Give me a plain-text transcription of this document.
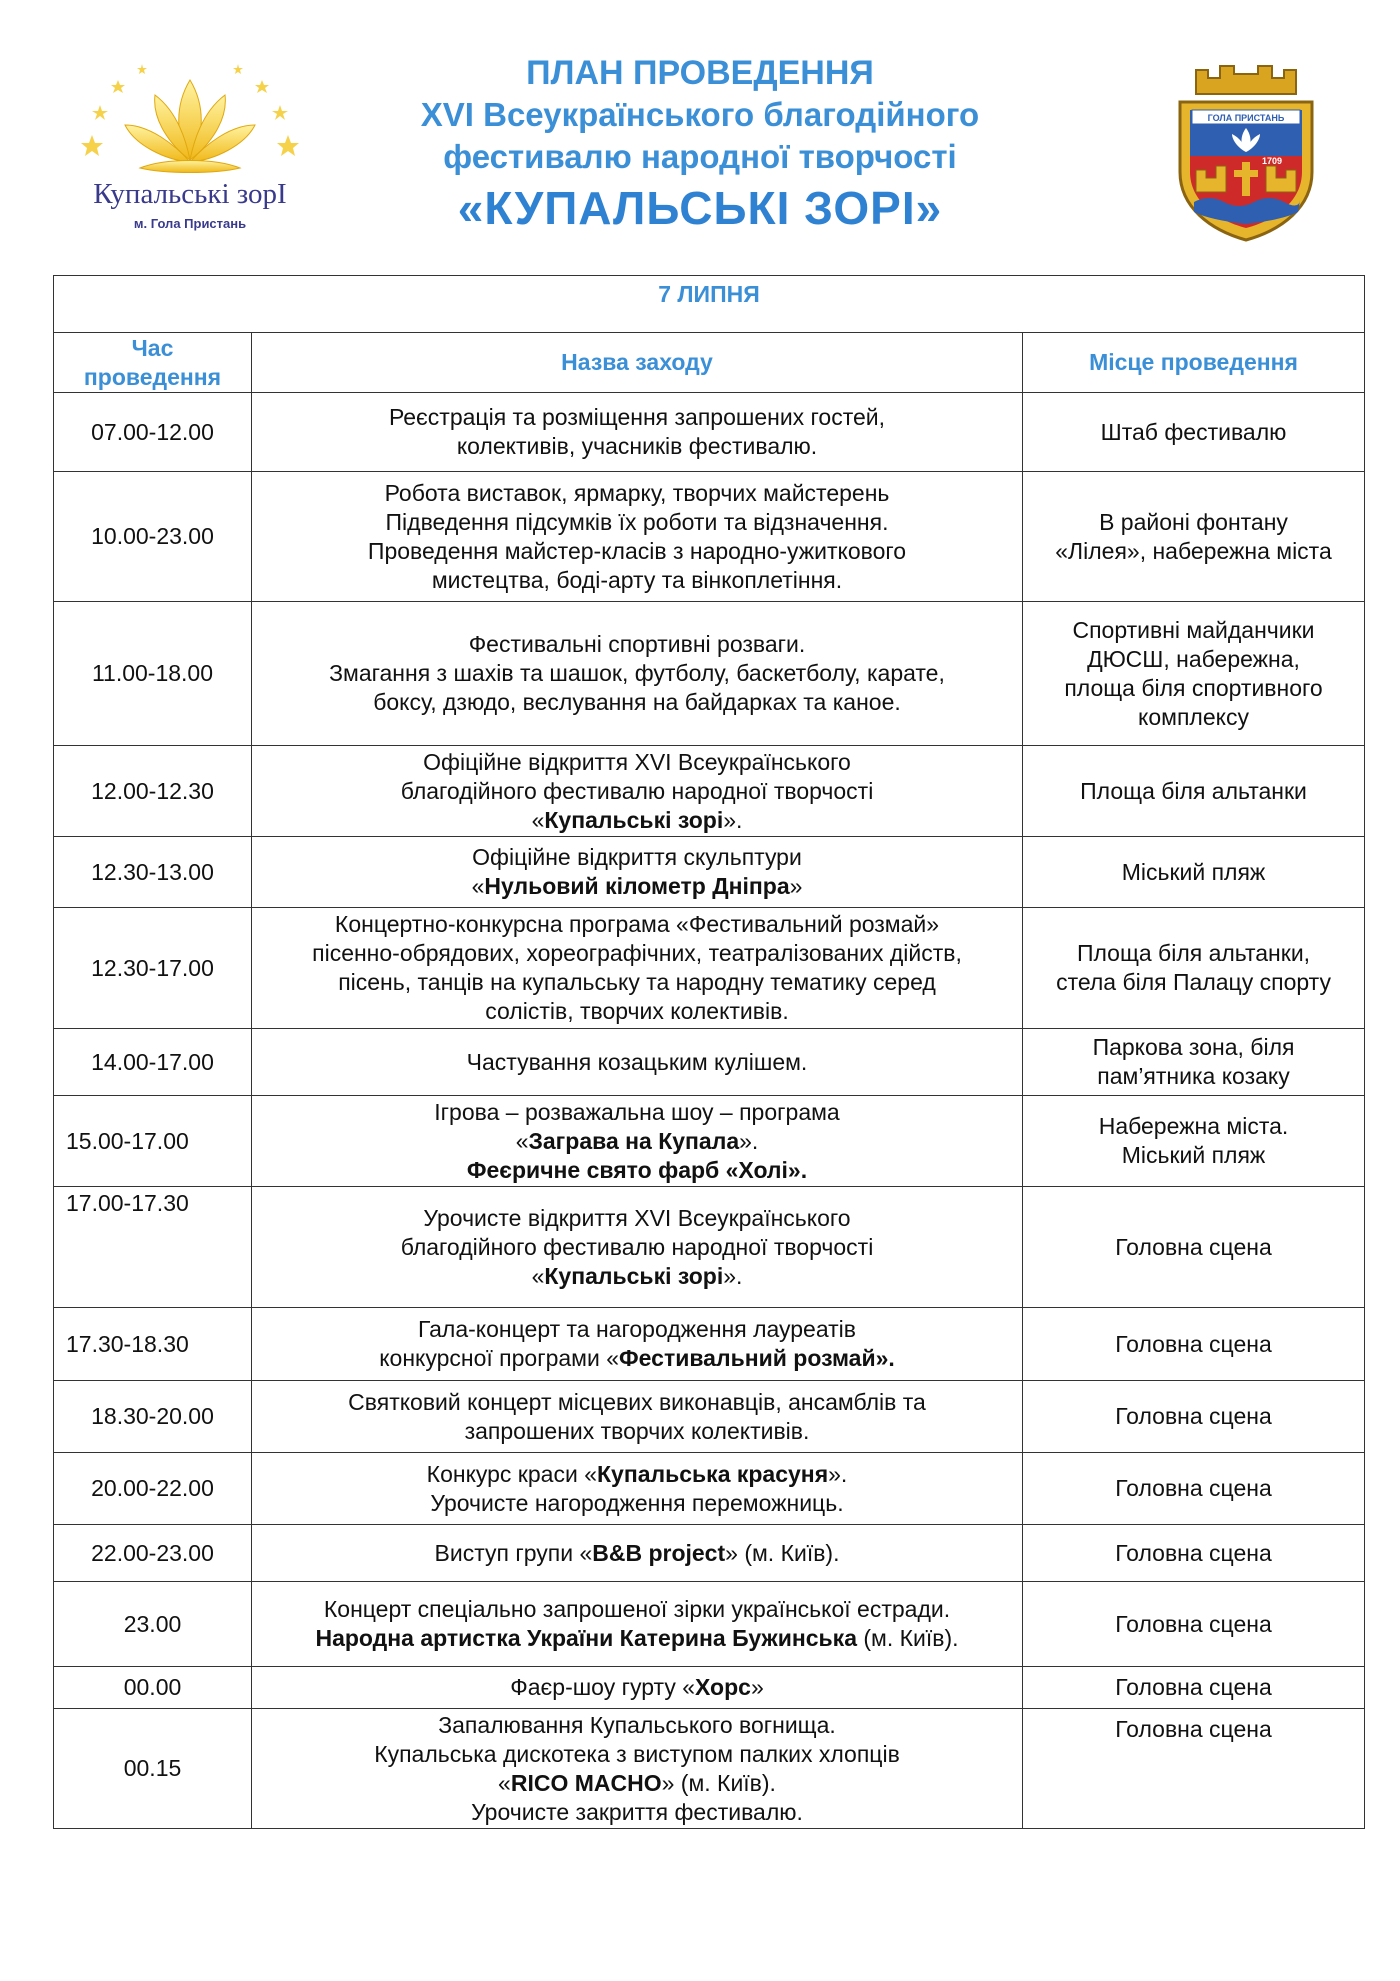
Купальські зорІ
м. Гола Пристань
ПЛАН ПРОВЕДЕННЯ
XVI Всеукраїнського благодійного
фестивалю народної творчості
«КУПАЛЬСЬКІ ЗОРІ»
ГОЛА ПРИСТАНЬ
1709
7 ЛИПНЯ		

Час
проведення	Назва заходу	Місце проведення
07.00-12.00	Реєстрація та розміщення запрошених гостей,
колективів, учасників фестивалю.	Штаб фестивалю

10.00-23.00	Робота виставок, ярмарку, творчих майстерень
Підведення підсумків їх роботи та відзначення.
Проведення майстер-класів з народно-ужиткового
мистецтва, боді-арту та вінкоплетіння.	В районі фонтану
«Лілея», набережна міста

11.00-18.00	Фестивальні спортивні розваги.
Змагання з шахів та шашок, футболу, баскетболу, карате,
боксу, дзюдо, веслування на байдарках та каное.	Спортивні майданчики
ДЮСШ, набережна,
площа біля спортивного
комплексу

12.00-12.30	Офіційне відкриття XVI Всеукраїнського
благодійного фестивалю народної творчості
«Купальські зорі».	Площа біля альтанки

12.30-13.00	Офіційне відкриття скульптури
«Нульовий кілометр Дніпра»	Міський пляж

12.30-17.00	Концертно-конкурсна програма «Фестивальний розмай»
пісенно-обрядових, хореографічних, театралізованих дійств,
пісень, танців на купальську та народну тематику серед
солістів, творчих колективів.	Площа біля альтанки,
стела біля Палацу спорту

14.00-17.00	Частування козацьким кулішем.	Паркова зона, біля
пам’ятника козаку

15.00-17.00	Ігрова – розважальна шоу – програма
«Заграва на Купала».
Феєричне свято фарб «Холі».	Набережна міста.
Міський пляж

17.00-17.30	Урочисте відкриття XVI Всеукраїнського
благодійного фестивалю народної творчості
«Купальські зорі».	Головна сцена

17.30-18.30	Гала-концерт та нагородження лауреатів
конкурсної програми «Фестивальний розмай».	Головна сцена

18.30-20.00	Святковий концерт місцевих виконавців, ансамблів та
запрошених творчих колективів.	Головна сцена

20.00-22.00	Конкурс краси «Купальська красуня».
Урочисте нагородження переможниць.	Головна сцена

22.00-23.00	Виступ групи «B&B project» (м. Київ).	Головна сцена

23.00	Концерт спеціально запрошеної зірки української естради.
Народна артистка України Катерина Бужинська (м. Київ).	Головна сцена

00.00	Фаєр-шоу гурту «Хорс»	Головна сцена

00.15	Запалювання Купальського вогнища.
Купальська дискотека з виступом палких хлопців
«RICO MACHO» (м. Київ).
Урочисте закриття фестивалю.	Головна сцена
